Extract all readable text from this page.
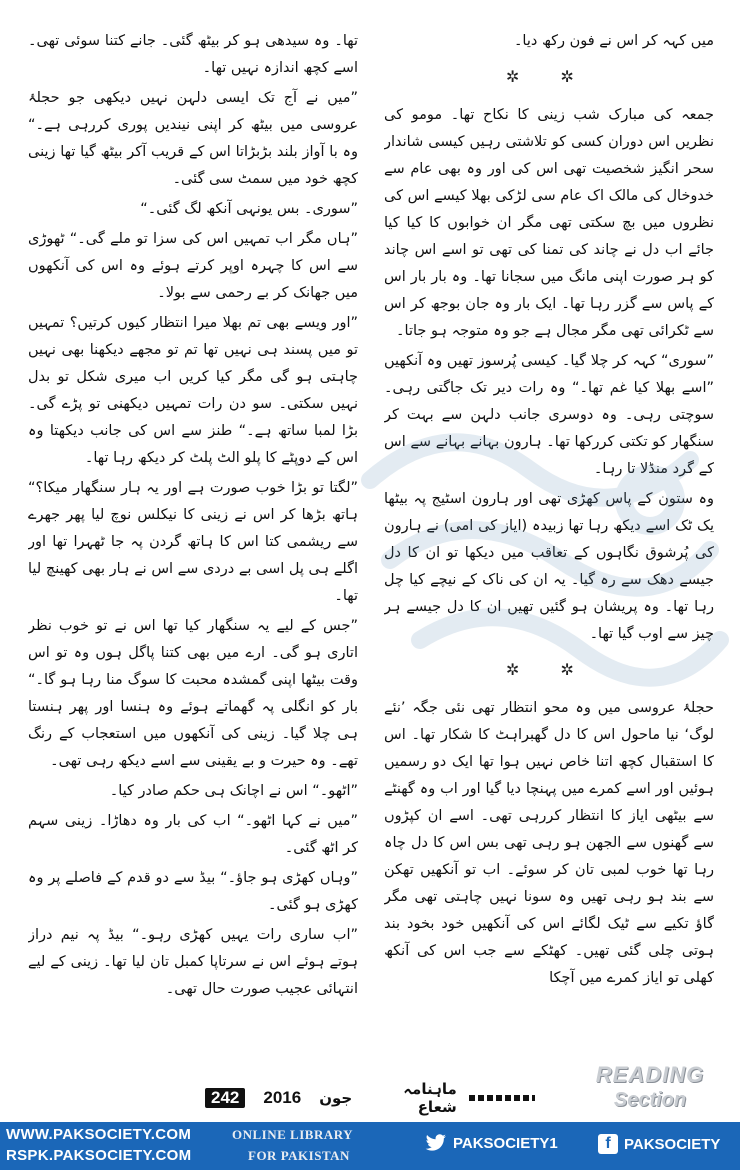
میں کہہ کر اس نے فون رکھ دیا۔

✲ ✲

جمعہ کی مبارک شب زینی کا نکاح تھا۔ مومو کی نظریں اس دوران کسی کو تلاشتی رہیں کیسی شاندار سحر انگیز شخصیت تھی اس کی اور وہ بھی عام سے خدوخال کی مالک اک عام سی لڑکی بھلا کیسے اس کی نظروں میں بچ سکتی تھی مگر ان خوابوں کا کیا کیا جائے اب دل نے چاند کی تمنا کی تھی تو اسے اس چاند کو ہر صورت اپنی مانگ میں سجانا تھا۔ وہ بار بار اس کے پاس سے گزر رہا تھا۔ ایک بار وہ جان بوجھ کر اس سے ٹکرائی تھی مگر مجال ہے جو وہ متوجہ ہو جاتا۔

”سوری“ کہہ کر چلا گیا۔ کیسی پُرسوز تھیں وہ آنکھیں ”اسے بھلا کیا غم تھا۔“ وہ رات دیر تک جاگتی رہی۔ سوچتی رہی۔ وہ دوسری جانب دلہن سے بہت کر سنگھار کو تکتی کررکھا تھا۔ ہارون بہانے بہانے سے اس کے گرد منڈلا تا رہا۔

وہ ستون کے پاس کھڑی تھی اور ہارون اسٹیج پہ بیٹھا یک ٹک اسے دیکھ رہا تھا زبیدہ (ایاز کی امی) نے ہارون کی پُرشوق نگاہوں کے تعاقب میں دیکھا تو ان کا دل جیسے دھک سے رہ گیا۔ یہ ان کی ناک کے نیچے کیا چل رہا تھا۔ وہ پریشان ہو گئیں تھیں ان کا دل جیسے ہر چیز سے اوب گیا تھا۔

✲ ✲

حجلۂ عروسی میں وہ محو انتظار تھی نئی جگہ ’نئے لوگ‘ نیا ماحول اس کا دل گھبراہٹ کا شکار تھا۔ اس کا استقبال کچھ اتنا خاص نہیں ہوا تھا ایک دو رسمیں ہوئیں اور اسے کمرے میں پہنچا دیا گیا اور اب وہ گھنٹے سے بیٹھی ایاز کا انتظار کررہی تھی۔ اسے ان کپڑوں سے گھنوں سے الجھن ہو رہی تھی بس اس کا دل چاہ رہا تھا خوب لمبی تان کر سوئے۔ اب تو آنکھیں تھکن سے بند ہو رہی تھیں وہ سونا نہیں چاہتی تھی مگر گاؤ تکیے سے ٹیک لگائے اس کی آنکھیں خود بخود بند ہوتی چلی گئی تھیں۔ کھٹکے سے جب اس کی آنکھ کھلی تو ایاز کمرے میں آچکا

تھا۔ وہ سیدھی ہو کر بیٹھ گئی۔ جانے کتنا سوئی تھی۔ اسے کچھ اندازہ نہیں تھا۔

”میں نے آج تک ایسی دلہن نہیں دیکھی جو حجلۂ عروسی میں بیٹھ کر اپنی نیندیں پوری کررہی ہے۔“ وہ با آواز بلند بڑبڑاتا اس کے قریب آکر بیٹھ گیا تھا زینی کچھ خود میں سمٹ سی گئی۔

”سوری۔ بس یونہی آنکھ لگ گئی۔“

”ہاں مگر اب تمہیں اس کی سزا تو ملے گی۔“ ٹھوڑی سے اس کا چہرہ اوپر کرتے ہوئے وہ اس کی آنکھوں میں جھانک کر بے رحمی سے بولا۔

”اور ویسے بھی تم بھلا میرا انتظار کیوں کرتیں؟ تمہیں تو میں پسند ہی نہیں تھا تم تو مجھے دیکھنا بھی نہیں چاہتی ہو گی مگر کیا کریں اب میری شکل تو بدل نہیں سکتی۔ سو دن رات تمہیں دیکھنی تو پڑے گی۔ بڑا لمبا ساتھ ہے۔“ طنز سے اس کی جانب دیکھتا وہ اس کے دوپٹے کا پلو الٹ پلٹ کر دیکھ رہا تھا۔

”لگتا تو بڑا خوب صورت ہے اور یہ ہار سنگھار میکا؟“ ہاتھ بڑھا کر اس نے زینی کا نیکلس نوچ لیا پھر جھرے سے ریشمی کتا اس کا ہاتھ گردن پہ جا ٹھہرا تھا اور اگلے ہی پل اسی بے دردی سے اس نے ہار بھی کھینچ لیا تھا۔

”جس کے لیے یہ سنگھار کیا تھا اس نے تو خوب نظر اتاری ہو گی۔ ارے میں بھی کتنا پاگل ہوں وہ تو اس وقت بیٹھا اپنی گمشدہ محبت کا سوگ منا رہا ہو گا۔“ بار کو انگلی پہ گھماتے ہوئے وہ ہنسا اور پھر ہنستا ہی چلا گیا۔ زینی کی آنکھوں میں استعجاب کے رنگ تھے۔ وہ حیرت و بے یقینی سے اسے دیکھ رہی تھی۔

”اٹھو۔“ اس نے اچانک ہی حکم صادر کیا۔

”میں نے کہا اٹھو۔“ اب کی بار وہ دھاڑا۔ زینی سہم کر اٹھ گئی۔

”وہاں کھڑی ہو جاؤ۔“ بیڈ سے دو قدم کے فاصلے پر وہ کھڑی ہو گئی۔

”اب ساری رات یہیں کھڑی رہو۔“ بیڈ پہ نیم دراز ہوتے ہوئے اس نے سرتاپا کمبل تان لیا تھا۔ زینی کے لیے انتہائی عجیب صورت حال تھی۔

ماہنامہ شعاع
جون
2016
242
READING
Section
WWW.PAKSOCIETY.COM
RSPK.PAKSOCIETY.COM
ONLINE LIBRARY
FOR PAKISTAN
PAKSOCIETY1	f PAKSOCIETY
